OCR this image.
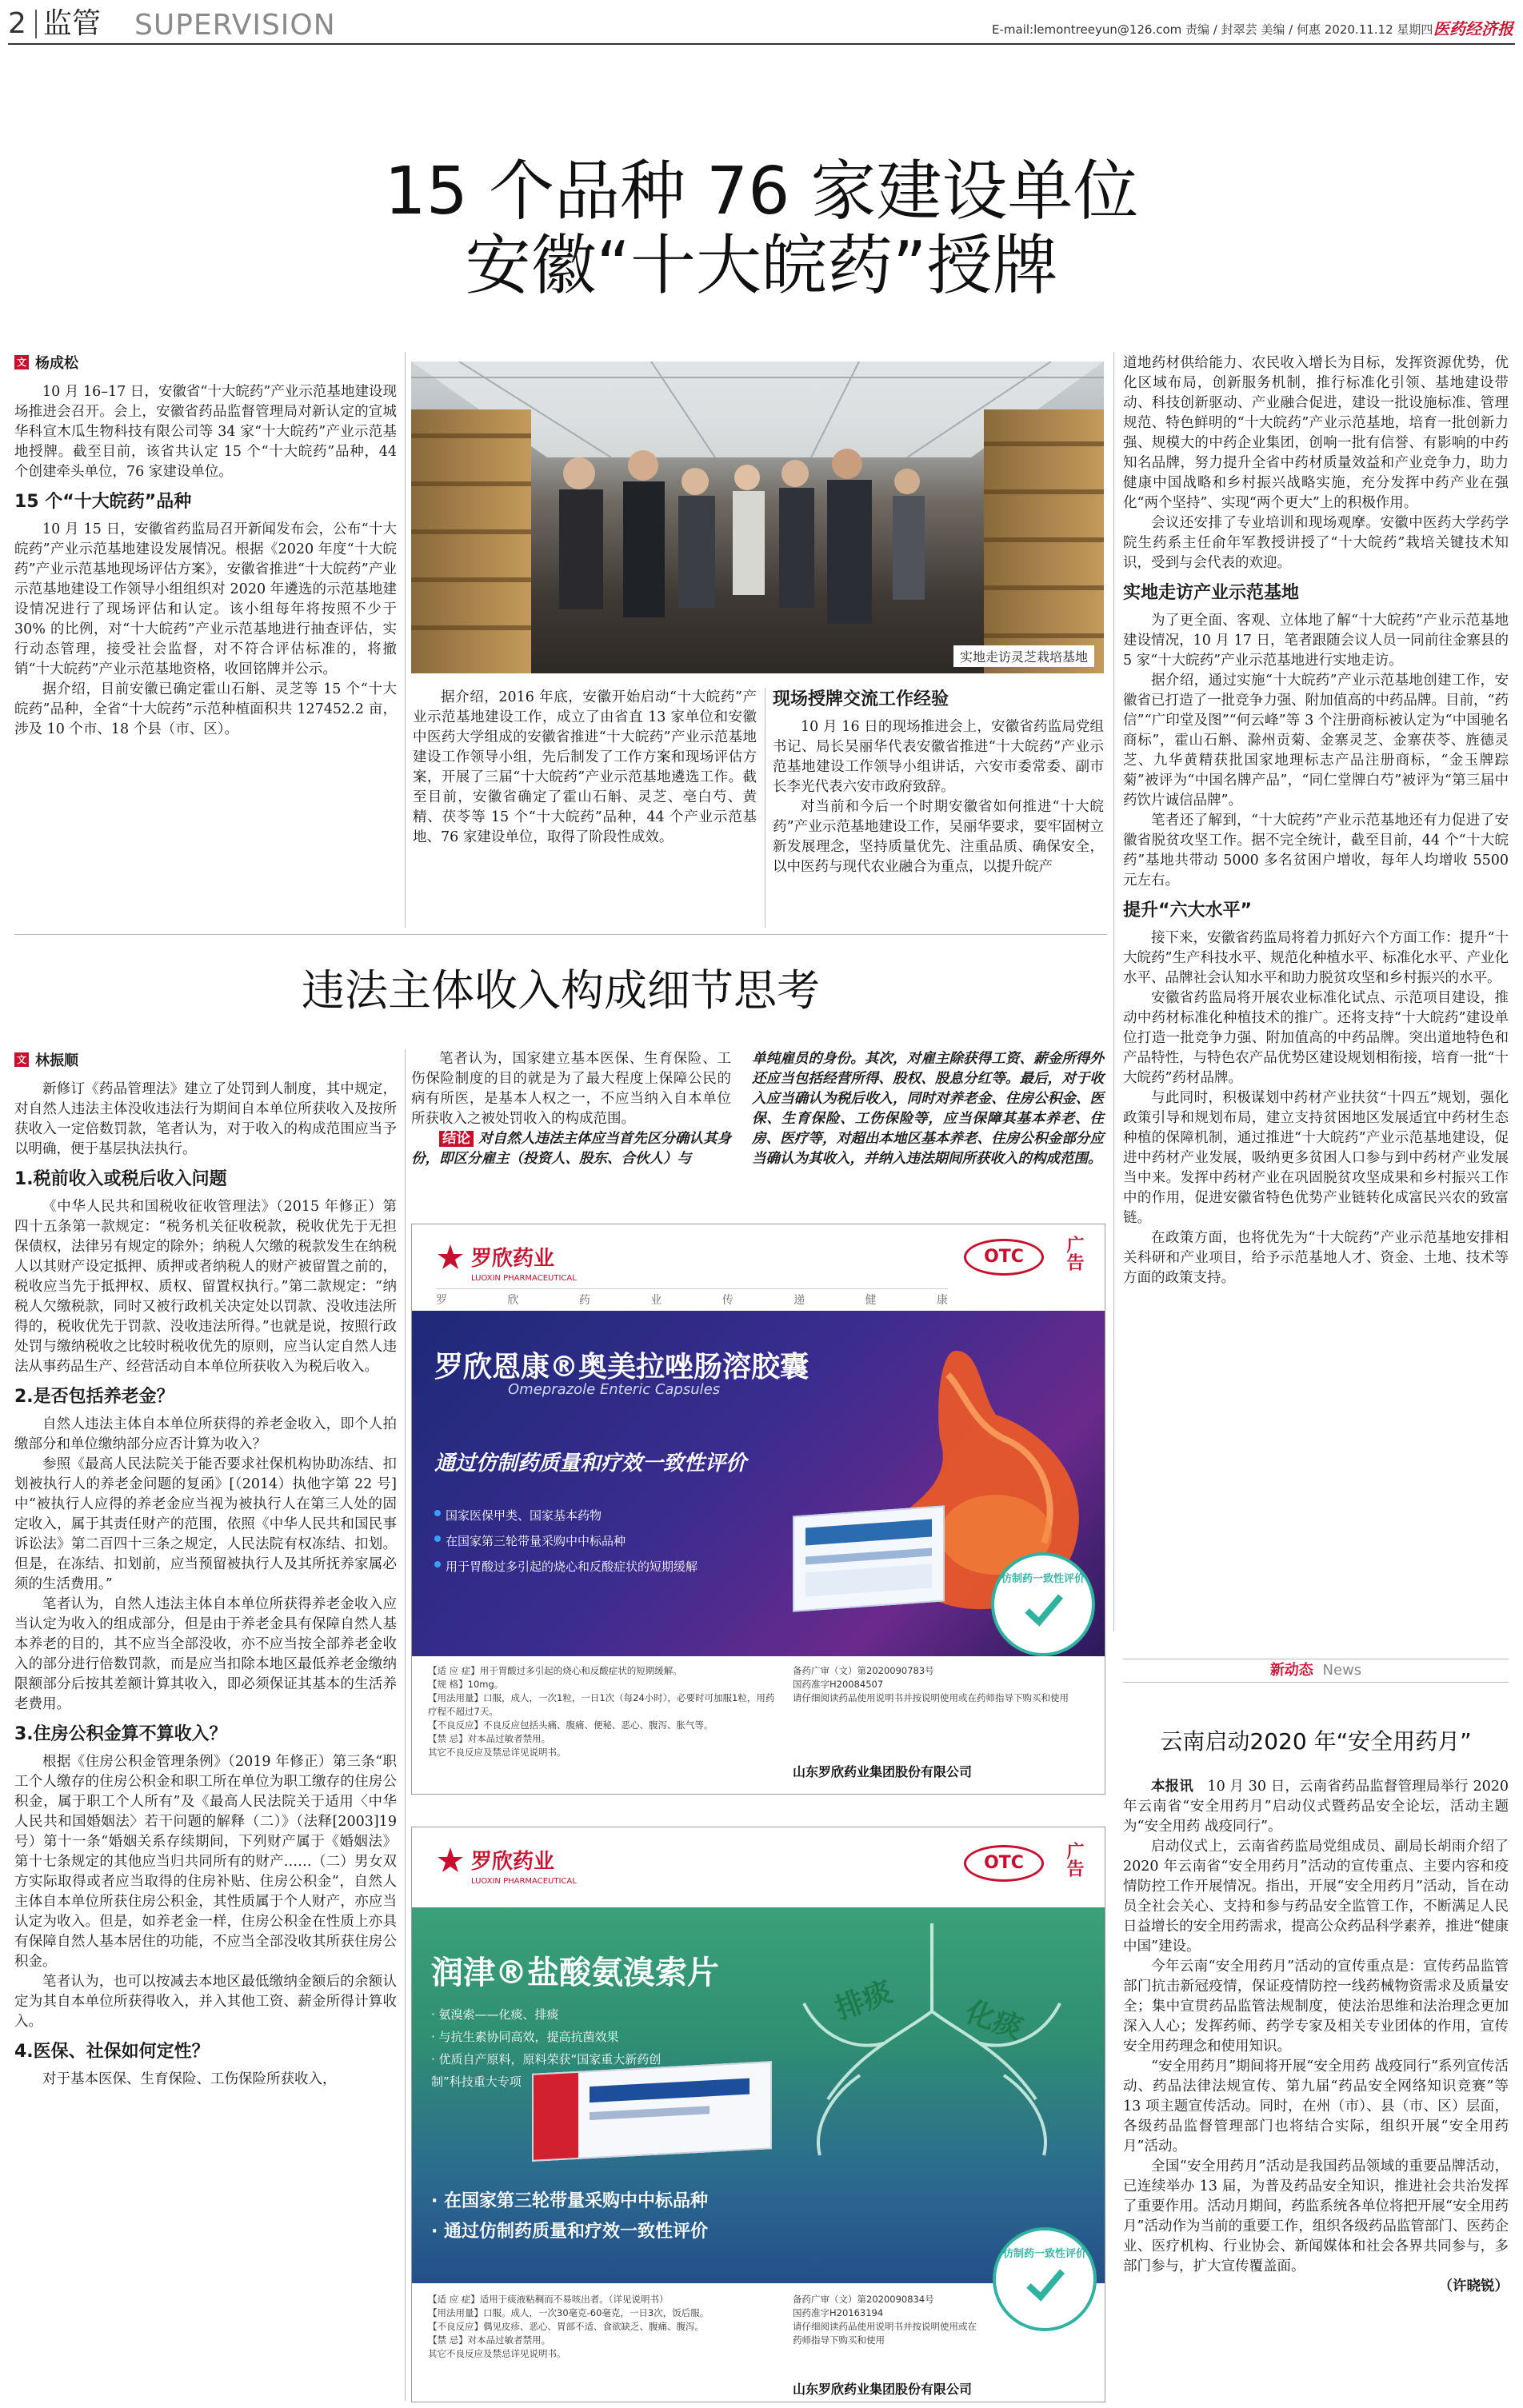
2 监管 SUPERVISION	E-mail:lemontreeyun@126.com 责编 / 封翠芸 美编 / 何惠 2020.11.12 星期四 医药经济报
15 个品种 76 家建设单位
安徽“十大皖药”授牌
文 杨成松

10 月 16–17 日，安徽省“十大皖药”产业示范基地建设现场推进会召开。会上，安徽省药品监督管理局对新认定的宣城华科宣木瓜生物科技有限公司等 34 家“十大皖药”产业示范基地授牌。截至目前，该省共认定 15 个“十大皖药”品种，44 个创建牵头单位，76 家建设单位。

15 个“十大皖药”品种

10 月 15 日，安徽省药监局召开新闻发布会，公布“十大皖药”产业示范基地建设发展情况。根据《2020 年度“十大皖药”产业示范基地现场评估方案》，安徽省推进“十大皖药”产业示范基地建设工作领导小组组织对 2020 年遴选的示范基地建设情况进行了现场评估和认定。该小组每年将按照不少于 30% 的比例，对“十大皖药”产业示范基地进行抽查评估，实行动态管理，接受社会监督，对不符合评估标准的，将撤销“十大皖药”产业示范基地资格，收回铭牌并公示。

据介绍，目前安徽已确定霍山石斛、灵芝等 15 个“十大皖药”品种，全省“十大皖药”示范种植面积共 127452.2 亩，涉及 10 个市、18 个县（市、区）。

实地走访灵芝栽培基地

据介绍，2016 年底，安徽开始启动“十大皖药”产业示范基地建设工作，成立了由省直 13 家单位和安徽中医药大学组成的安徽省推进“十大皖药”产业示范基地建设工作领导小组，先后制发了工作方案和现场评估方案，开展了三届“十大皖药”产业示范基地遴选工作。截至目前，安徽省确定了霍山石斛、灵芝、亳白芍、黄精、茯苓等 15 个“十大皖药”品种，44 个产业示范基地、76 家建设单位，取得了阶段性成效。

现场授牌交流工作经验

10 月 16 日的现场推进会上，安徽省药监局党组书记、局长吴丽华代表安徽省推进“十大皖药”产业示范基地建设工作领导小组讲话，六安市委常委、副市长李光代表六安市政府致辞。

对当前和今后一个时期安徽省如何推进“十大皖药”产业示范基地建设工作，吴丽华要求，要牢固树立新发展理念，坚持质量优先、注重品质、确保安全，以中医药与现代农业融合为重点，以提升皖产

道地药材供给能力、农民收入增长为目标，发挥资源优势，优化区域布局，创新服务机制，推行标准化引领、基地建设带动、科技创新驱动、产业融合促进，建设一批设施标准、管理规范、特色鲜明的“十大皖药”产业示范基地，培育一批创新力强、规模大的中药企业集团，创响一批有信誉、有影响的中药知名品牌，努力提升全省中药材质量效益和产业竞争力，助力健康中国战略和乡村振兴战略实施，充分发挥中药产业在强化“两个坚持”、实现“两个更大”上的积极作用。

会议还安排了专业培训和现场观摩。安徽中医药大学药学院生药系主任俞年军教授讲授了“十大皖药”栽培关键技术知识，受到与会代表的欢迎。

实地走访产业示范基地

为了更全面、客观、立体地了解“十大皖药”产业示范基地建设情况，10 月 17 日，笔者跟随会议人员一同前往金寨县的 5 家“十大皖药”产业示范基地进行实地走访。

据介绍，通过实施“十大皖药”产业示范基地创建工作，安徽省已打造了一批竞争力强、附加值高的中药品牌。目前，“药信”“广印堂及图”“何云峰”等 3 个注册商标被认定为“中国驰名商标”，霍山石斛、滁州贡菊、金寨灵芝、金寨茯苓、旌德灵芝、九华黄精获批国家地理标志产品注册商标，“金玉牌踪菊”被评为“中国名牌产品”，“同仁堂牌白芍”被评为“第三届中药饮片诚信品牌”。

笔者还了解到，“十大皖药”产业示范基地还有力促进了安徽省脱贫攻坚工作。据不完全统计，截至目前，44 个“十大皖药”基地共带动 5000 多名贫困户增收，每年人均增收 5500 元左右。

提升“六大水平”

接下来，安徽省药监局将着力抓好六个方面工作：提升“十大皖药”生产科技水平、规范化种植水平、标准化水平、产业化水平、品牌社会认知水平和助力脱贫攻坚和乡村振兴的水平。

安徽省药监局将开展农业标准化试点、示范项目建设，推动中药材标准化种植技术的推广。还将支持“十大皖药”建设单位打造一批竞争力强、附加值高的中药品牌。突出道地特色和产品特性，与特色农产品优势区建设规划相衔接，培育一批“十大皖药”药材品牌。

与此同时，积极谋划中药材产业扶贫“十四五”规划，强化政策引导和规划布局，建立支持贫困地区发展适宜中药材生态种植的保障机制，通过推进“十大皖药”产业示范基地建设，促进中药材产业发展，吸纳更多贫困人口参与到中药材产业发展当中来。发挥中药材产业在巩固脱贫攻坚成果和乡村振兴工作中的作用，促进安徽省特色优势产业链转化成富民兴农的致富链。

在政策方面，也将优先为“十大皖药”产业示范基地安排相关科研和产业项目，给予示范基地人才、资金、土地、技术等方面的政策支持。

违法主体收入构成细节思考
文 林振顺

新修订《药品管理法》建立了处罚到人制度，其中规定，对自然人违法主体没收违法行为期间自本单位所获收入及按所获收入一定倍数罚款，笔者认为，对于收入的构成范围应当予以明确，便于基层执法执行。

1.税前收入或税后收入问题

《中华人民共和国税收征收管理法》（2015 年修正）第四十五条第一款规定：“税务机关征收税款，税收优先于无担保债权，法律另有规定的除外；纳税人欠缴的税款发生在纳税人以其财产设定抵押、质押或者纳税人的财产被留置之前的，税收应当先于抵押权、质权、留置权执行。”第二款规定：“纳税人欠缴税款，同时又被行政机关决定处以罚款、没收违法所得的，税收优先于罚款、没收违法所得。”也就是说，按照行政处罚与缴纳税收之比较时税收优先的原则，应当认定自然人违法从事药品生产、经营活动自本单位所获收入为税后收入。

2.是否包括养老金？

自然人违法主体自本单位所获得的养老金收入，即个人拍缴部分和单位缴纳部分应否计算为收入？

参照《最高人民法院关于能否要求社保机构协助冻结、扣划被执行人的养老金问题的复函》[（2014）执他字第 22 号]中“被执行人应得的养老金应当视为被执行人在第三人处的固定收入，属于其责任财产的范围，依照《中华人民共和国民事诉讼法》第二百四十三条之规定，人民法院有权冻结、扣划。但是，在冻结、扣划前，应当预留被执行人及其所抚养家属必须的生活费用。”

笔者认为，自然人违法主体自本单位所获得养老金收入应当认定为收入的组成部分，但是由于养老金具有保障自然人基本养老的目的，其不应当全部没收，亦不应当按全部养老金收入的部分进行倍数罚款，而是应当扣除本地区最低养老金缴纳限额部分后按其差额计算其收入，即必须保证其基本的生活养老费用。

3.住房公积金算不算收入？

根据《住房公积金管理条例》（2019 年修正）第三条“职工个人缴存的住房公积金和职工所在单位为职工缴存的住房公积金，属于职工个人所有”及《最高人民法院关于适用〈中华人民共和国婚姻法〉若干问题的解释（二）》（法释[2003]19 号）第十一条“婚姻关系存续期间，下列财产属于《婚姻法》第十七条规定的其他应当归共同所有的财产……（二）男女双方实际取得或者应当取得的住房补贴、住房公积金”，自然人主体自本单位所获住房公积金，其性质属于个人财产，亦应当认定为收入。但是，如养老金一样，住房公积金在性质上亦具有保障自然人基本居住的功能，不应当全部没收其所获住房公积金。

笔者认为，也可以按减去本地区最低缴纳金额后的余额认定为其自本单位所获得收入，并入其他工资、薪金所得计算收入。

4.医保、社保如何定性？

对于基本医保、生育保险、工伤保险所获收入，

笔者认为，国家建立基本医保、生育保险、工伤保险制度的目的就是为了最大程度上保障公民的病有所医，是基本人权之一，不应当纳入自本单位所获收入之被处罚收入的构成范围。

结论 对自然人违法主体应当首先区分确认其身份，即区分雇主（投资人、股东、合伙人）与

单纯雇员的身份。其次，对雇主除获得工资、薪金所得外还应当包括经营所得、股权、股息分红等。最后，对于收入应当确认为税后收入，同时对养老金、住房公积金、医保、生育保险、工伤保险等，应当保障其基本养老、住房、医疗等，对超出本地区基本养老、住房公积金部分应当确认为其收入，并纳入违法期间所获收入的构成范围。

罗欣药业
LUOXIN PHARMACEUTICAL
OTC	广告
罗	欣	药	业	传	递	健	康
罗欣恩康®奥美拉唑肠溶胶囊
Omeprazole Enteric Capsules
通过仿制药质量和疗效一致性评价
国家医保甲类、国家基本药物
在国家第三轮带量采购中中标品种
用于胃酸过多引起的烧心和反酸症状的短期缓解
仿制药一致性评价
【适 应 症】用于胃酸过多引起的烧心和反酸症状的短期缓解。
【规 格】10mg。
【用法用量】口服，成人，一次1粒，一日1次（每24小时），必要时可加服1粒，用药疗程不超过7天。
【不良反应】不良反应包括头痛、腹痛、便秘、恶心、腹泻、胀气等。
【禁 忌】对本品过敏者禁用。
其它不良反应及禁忌详见说明书。
备药广审（文）第2020090783号
国药准字H20084507
请仔细阅读药品使用说明书并按说明使用或在药师指导下购买和使用
山东罗欣药业集团股份有限公司
罗欣药业
LUOXIN PHARMACEUTICAL
OTC	广告
润津®盐酸氨溴索片
· 氨溴索——化痰、排痰
· 与抗生素协同高效，提高抗菌效果
· 优质自产原料，原料荣获“国家重大新药创制”科技重大专项
排痰 化痰
· 在国家第三轮带量采购中中标品种
· 通过仿制药质量和疗效一致性评价
仿制药一致性评价
【适 应 症】适用于痰液粘稠而不易咳出者。（详见说明书）
【用法用量】口服。成人，一次30毫克-60毫克，一日3次，饭后服。
【不良反应】偶见皮疹、恶心、胃部不适、食欲缺乏、腹痛、腹泻。
【禁 忌】对本品过敏者禁用。
其它不良反应及禁忌详见说明书。
备药广审（文）第2020090834号
国药准字H20163194
请仔细阅读药品使用说明书并按说明使用或在药师指导下购买和使用
山东罗欣药业集团股份有限公司
新动态 News
云南启动2020 年“安全用药月”

本报讯 10 月 30 日，云南省药品监督管理局举行 2020 年云南省“安全用药月”启动仪式暨药品安全论坛，活动主题为“安全用药 战疫同行”。

启动仪式上，云南省药监局党组成员、副局长胡雨介绍了 2020 年云南省“安全用药月”活动的宣传重点、主要内容和疫情防控工作开展情况。指出，开展“安全用药月”活动，旨在动员全社会关心、支持和参与药品安全监管工作，不断满足人民日益增长的安全用药需求，提高公众药品科学素养，推进“健康中国”建设。

今年云南“安全用药月”活动的宣传重点是：宣传药品监管部门抗击新冠疫情，保证疫情防控一线药械物资需求及质量安全；集中宣贯药品监管法规制度，使法治思维和法治理念更加深入人心；发挥药师、药学专家及相关专业团体的作用，宣传安全用药理念和使用知识。

“安全用药月”期间将开展“安全用药 战疫同行”系列宣传活动、药品法律法规宣传、第九届“药品安全网络知识竞赛”等 13 项主题宣传活动。同时，在州（市）、县（市、区）层面，各级药品监督管理部门也将结合实际，组织开展“安全用药月”活动。

全国“安全用药月”活动是我国药品领域的重要品牌活动，已连续举办 13 届，为普及药品安全知识，推进社会共治发挥了重要作用。活动月期间，药监系统各单位将把开展“安全用药月”活动作为当前的重要工作，组织各级药品监管部门、医药企业、医疗机构、行业协会、新闻媒体和社会各界共同参与，多部门参与，扩大宣传覆盖面。

（许晓锐）
